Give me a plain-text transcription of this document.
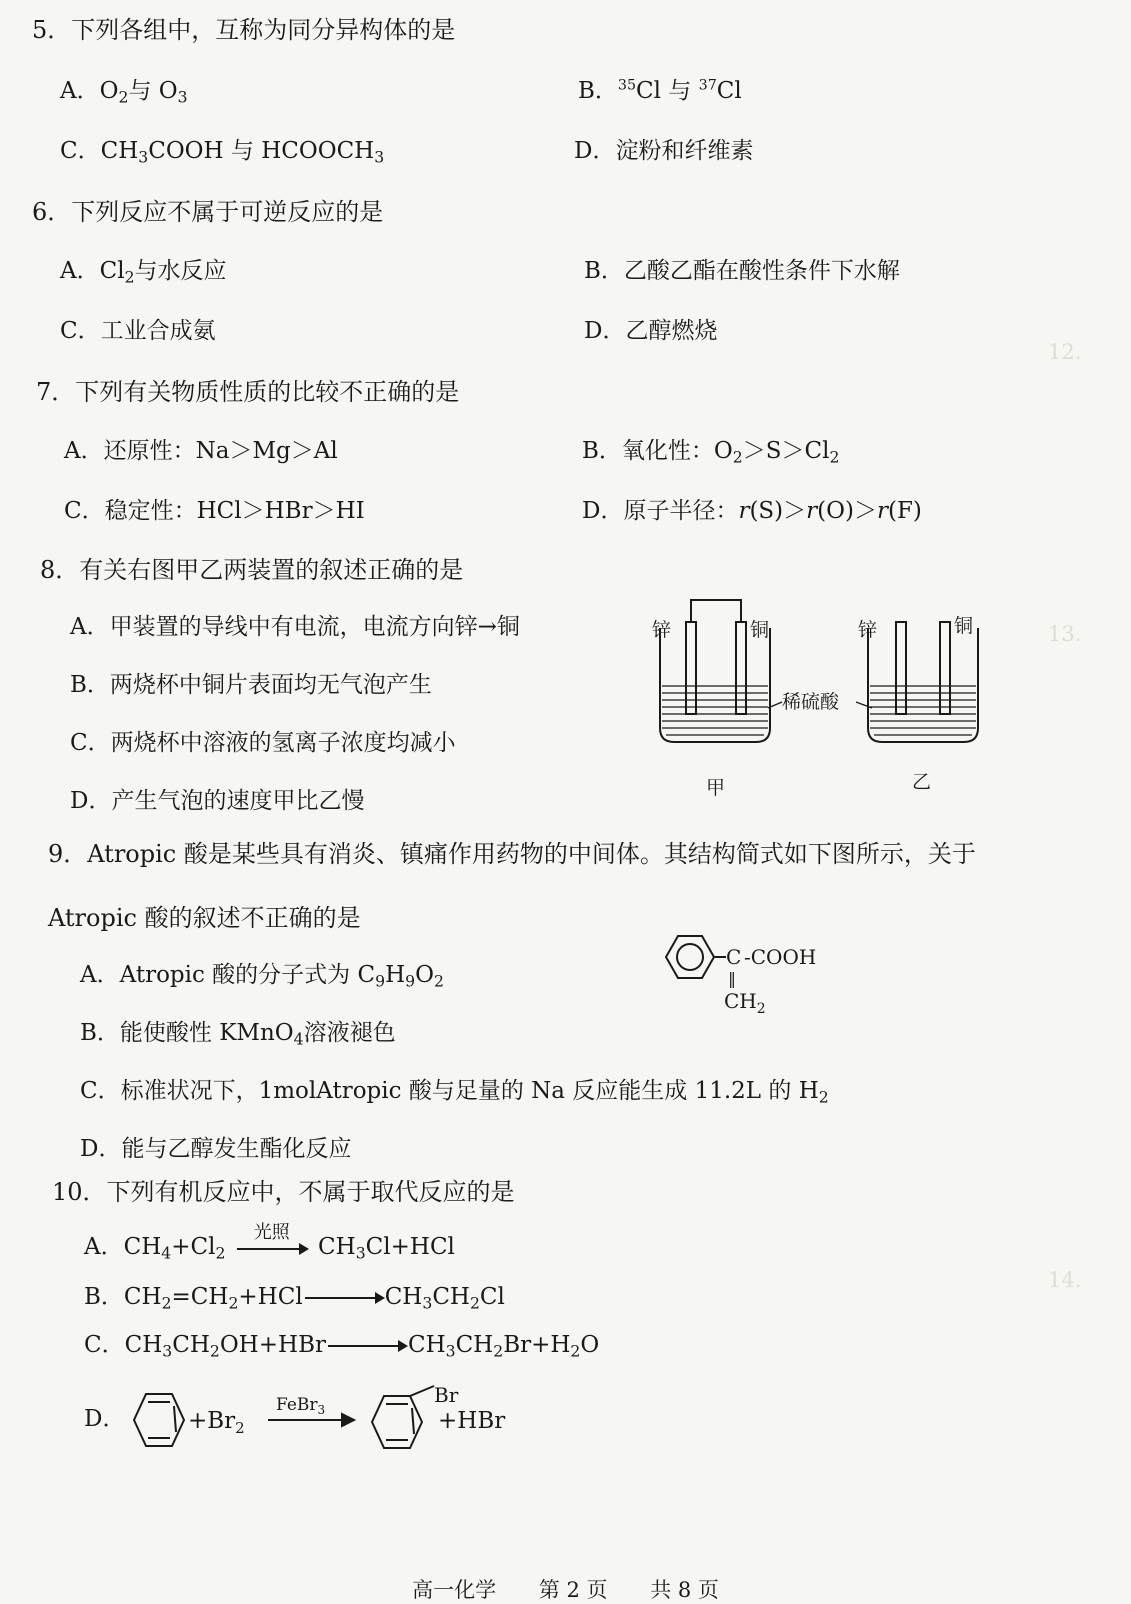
12.
13.
14.
5．下列各组中，互称为同分异构体的是
A．$O_2$与 $O_3$	B．$^{35}$Cl 与 $^{37}$Cl
C．$CH_3COOH$ 与 $HCOOCH_3$	D．淀粉和纤维素
6．下列反应不属于可逆反应的是
A．$Cl_2$与水反应	B．乙酸乙酯在酸性条件下水解
C．工业合成氨	D．乙醇燃烧
7．下列有关物质性质的比较不正确的是
A．还原性：Na＞Mg＞Al	B．氧化性：$O_2>S>Cl_2$
C．稳定性：HCl＞HBr＞HI	D．原子半径：r(S)＞r(O)＞r(F)
8．有关右图甲乙两装置的叙述正确的是
A．甲装置的导线中有电流，电流方向锌→铜
B．两烧杯中铜片表面均无气泡产生
C．两烧杯中溶液的氢离子浓度均减小
D．产生气泡的速度甲比乙慢
锌	铜	锌	铜
稀硫酸
甲	乙
9．Atropic 酸是某些具有消炎、镇痛作用药物的中间体。其结构简式如下图所示，关于
Atropic 酸的叙述不正确的是
A．Atropic 酸的分子式为 $C_9H_9O_2$
B．能使酸性 KMnO$_4$溶液褪色
C．标准状况下，1molAtropic 酸与足量的 Na 反应能生成 11.2L 的 $H_2$
D．能与乙醇发生酯化反应
C -COOH
‖
$CH_2$
10．下列有机反应中，不属于取代反应的是
A．$CH_4+Cl_2$
光照
$CH_3Cl+HCl$
B．$CH_2=CH_2+HCl \to CH_3CH_2Cl$
C．$CH_3CH_2OH+HBr \to CH_3CH_2Br+H_2O$
D．	$+Br_2$
FeBr$_3$
Br
+HBr
高一化学 第 2 页 共 8 页
